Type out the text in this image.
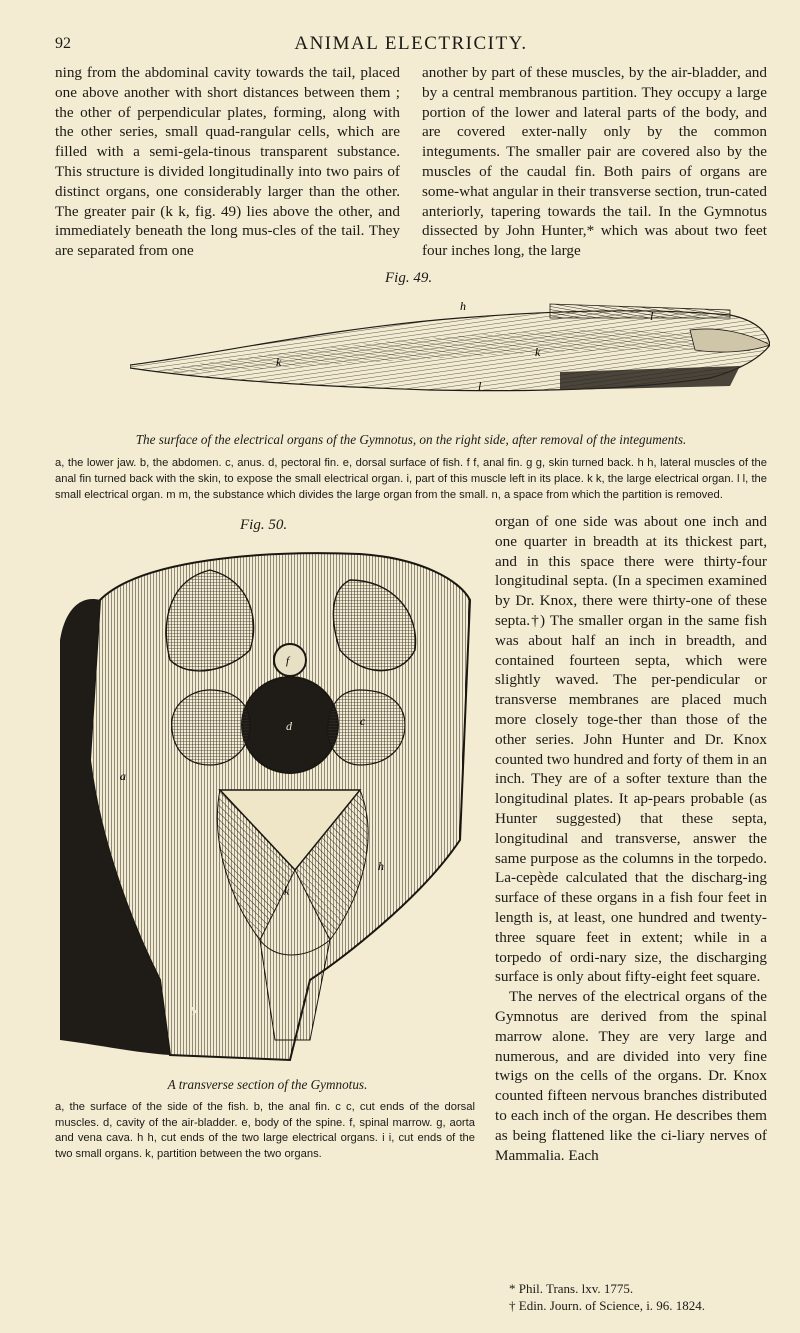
92	ANIMAL ELECTRICITY.

ning from the abdominal cavity towards the tail, placed one above another with short distances between them ; the other of perpendicular plates, forming, along with the other series, small quad-rangular cells, which are filled with a semi-gela-tinous transparent substance. This structure is divided longitudinally into two pairs of distinct organs, one considerably larger than the other. The greater pair (k k, fig. 49) lies above the other, and immediately beneath the long mus-cles of the tail. They are separated from one

another by part of these muscles, by the air-bladder, and by a central membranous partition. They occupy a large portion of the lower and lateral parts of the body, and are covered exter-nally only by the common integuments. The smaller pair are covered also by the muscles of the caudal fin. Both pairs of organs are some-what angular in their transverse section, trun-cated anteriorly, tapering towards the tail. In the Gymnotus dissected by John Hunter,* which was about two feet four inches long, the large

Fig. 49.
h
l
k
k
l
The surface of the electrical organs of the Gymnotus, on the right side, after removal of the integuments.
a, the lower jaw. b, the abdomen. c, anus. d, pectoral fin. e, dorsal surface of fish. f f, anal fin. g g, skin turned back. h h, lateral muscles of the anal fin turned back with the skin, to expose the small electrical organ. i, part of this muscle left in its place. k k, the large electrical organ. l l, the small electrical organ. m m, the substance which divides the large organ from the small. n, a space from which the partition is removed.
Fig. 50.
a
c
d
f
h
k
b
A transverse section of the Gymnotus.
a, the surface of the side of the fish. b, the anal fin. c c, cut ends of the dorsal muscles. d, cavity of the air-bladder. e, body of the spine. f, spinal marrow. g, aorta and vena cava. h h, cut ends of the two large electrical organs. i i, cut ends of the two small organs. k, partition between the two organs.

organ of one side was about one inch and one quarter in breadth at its thickest part, and in this space there were thirty-four longitudinal septa. (In a specimen examined by Dr. Knox, there were thirty-one of these septa.†) The smaller organ in the same fish was about half an inch in breadth, and contained fourteen septa, which were slightly waved. The per-pendicular or transverse membranes are placed much more closely toge-ther than those of the other series. John Hunter and Dr. Knox counted two hundred and forty of them in an inch. They are of a softer texture than the longitudinal plates. It ap-pears probable (as Hunter suggested) that these septa, longitudinal and transverse, answer the same purpose as the columns in the torpedo. La-cepède calculated that the discharg-ing surface of these organs in a fish four feet in length is, at least, one hundred and twenty-three square feet in extent; while in a torpedo of ordi-nary size, the discharging surface is only about fifty-eight feet square.

The nerves of the electrical organs of the Gymnotus are derived from the spinal marrow alone. They are very large and numerous, and are divided into very fine twigs on the cells of the organs. Dr. Knox counted fifteen nervous branches distributed to each inch of the organ. He describes them as being flattened like the ci-liary nerves of Mammalia. Each

* Phil. Trans. lxv. 1775.
† Edin. Journ. of Science, i. 96. 1824.
